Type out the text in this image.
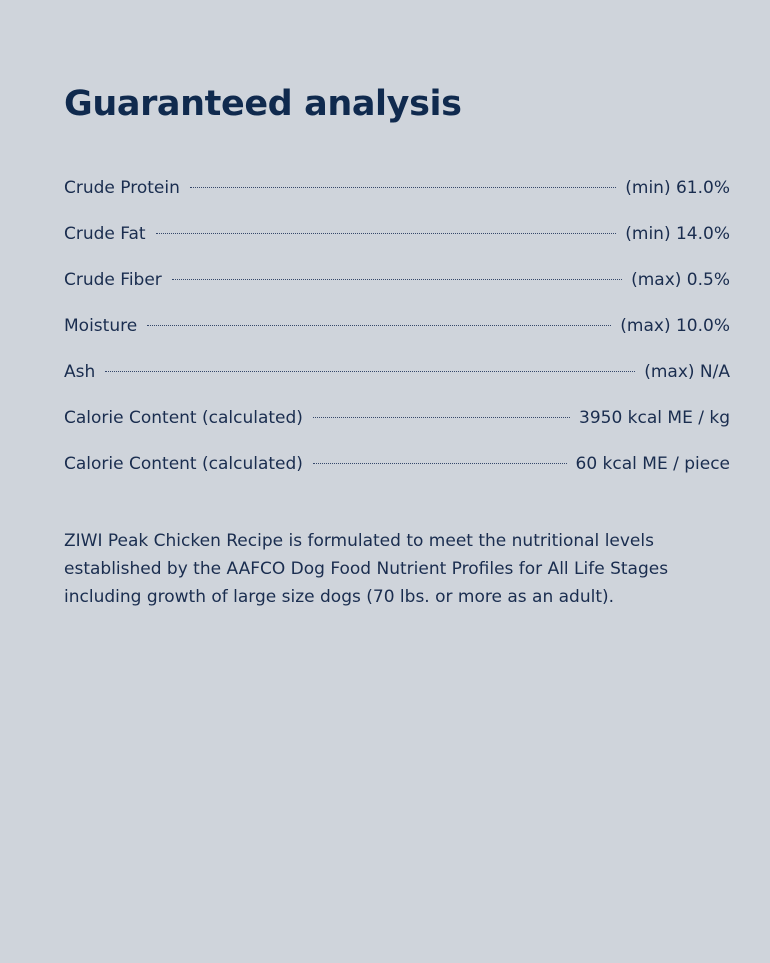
Guaranteed analysis
Crude Protein	(min) 61.0%
Crude Fat	(min) 14.0%
Crude Fiber	(max) 0.5%
Moisture	(max) 10.0%
Ash	(max) N/A
Calorie Content (calculated)	3950 kcal ME / kg
Calorie Content (calculated)	60 kcal ME / piece

ZIWI Peak Chicken Recipe is formulated to meet the nutritional levels established by the AAFCO Dog Food Nutrient Profiles for All Life Stages including growth of large size dogs (70 lbs. or more as an adult).
